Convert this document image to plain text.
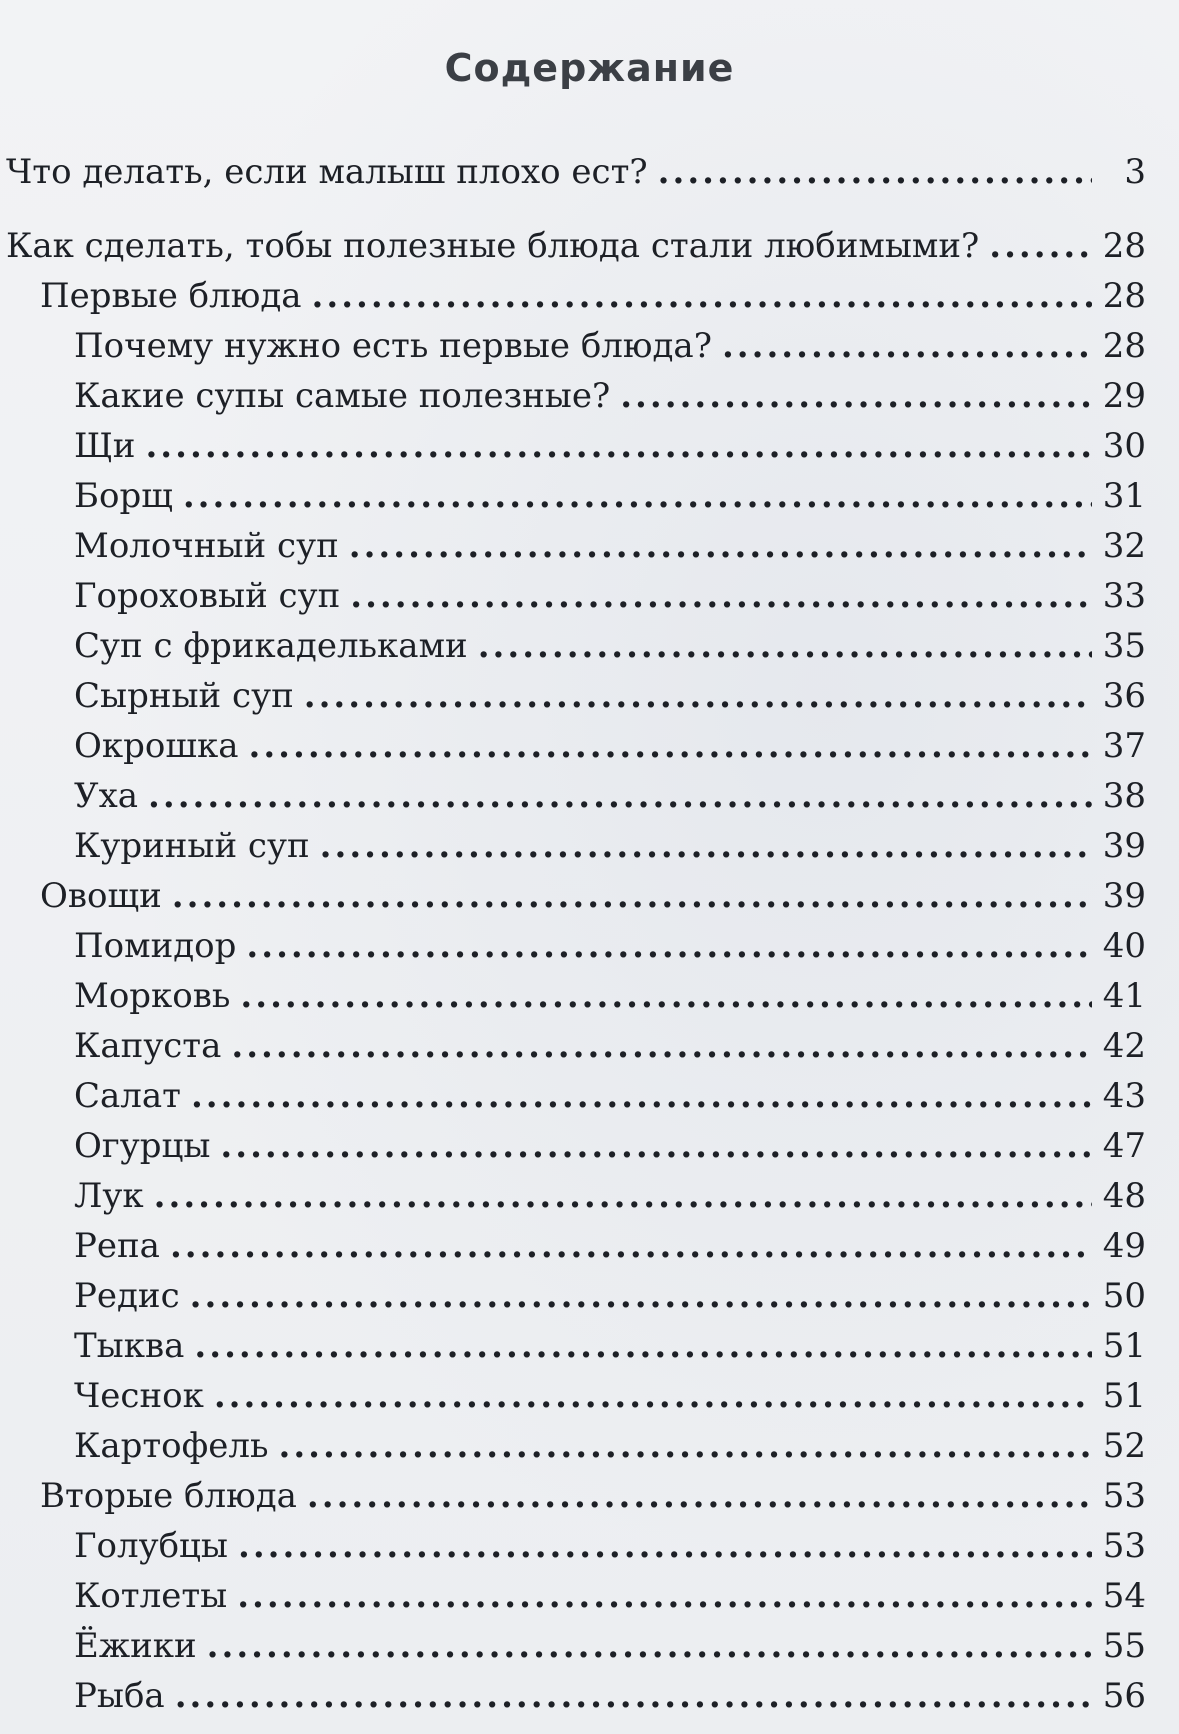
Содержание
Что делать, если малыш плохо ест? .....	3
Как сделать, тобы полезные блюда стали любимыми? .....	28
Первые блюда .....	28
Почему нужно есть первые блюда? .....	28
Какие супы самые полезные? .....	29
Щи .....	30
Борщ .....	31
Молочный суп .....	32
Гороховый суп .....	33
Суп с фрикадельками .....	35
Сырный суп .....	36
Окрошка .....	37
Уха .....	38
Куриный суп .....	39
Овощи .....	39
Помидор .....	40
Морковь .....	41
Капуста .....	42
Салат .....	43
Огурцы .....	47
Лук .....	48
Репа .....	49
Редис .....	50
Тыква .....	51
Чеснок .....	51
Картофель .....	52
Вторые блюда .....	53
Голубцы .....	53
Котлеты .....	54
Ёжики .....	55
Рыба .....	56
